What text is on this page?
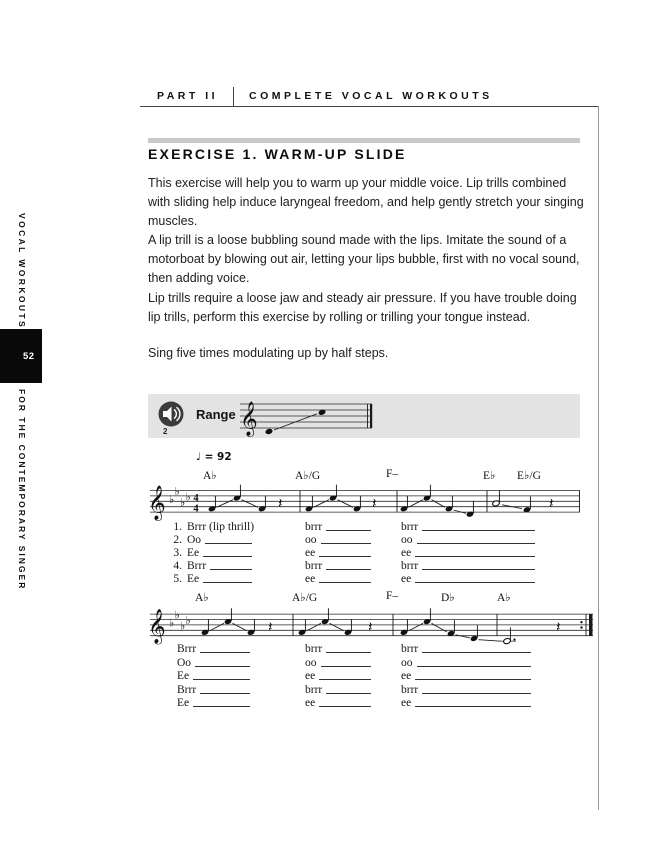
VOCAL WORKOUTS
52
FOR THE CONTEMPORARY SINGER
PART II	COMPLETE VOCAL WORKOUTS
EXERCISE 1. WARM-UP SLIDE
This exercise will help you to warm up your middle voice. Lip trills combined with sliding help induce laryngeal freedom, and help gently stretch your singing muscles.
A lip trill is a loose bubbling sound made with the lips. Imitate the sound of a motorboat by blowing out air, letting your lips bubble, first with no vocal sound, then adding voice.
Lip trills require a loose jaw and steady air pressure. If you have trouble doing lip trills, perform this exercise by rolling or trilling your tongue instead.
Sing five times modulating up by half steps.
2
Range 𝄞
♩ = 92
A♭	A♭/G	F–	E♭ E♭/G
𝄞 ♭
♭
♭ ♭ 4
4	𝄽	𝄽	𝄽
1. Brrr (lip thrill)	brrr	brrr
2. Oo	oo	oo
3. Ee	ee	ee
4. Brrr	brrr	brrr
5. Ee	ee	ee
A♭	A♭/G	F–	D♭	A♭
𝄞 ♭
♭
♭ ♭	𝄽	𝄽	𝄽
Brrr	brrr	brrr
Oo	oo	oo
Ee	ee	ee
Brrr	brrr	brrr
Ee	ee	ee
